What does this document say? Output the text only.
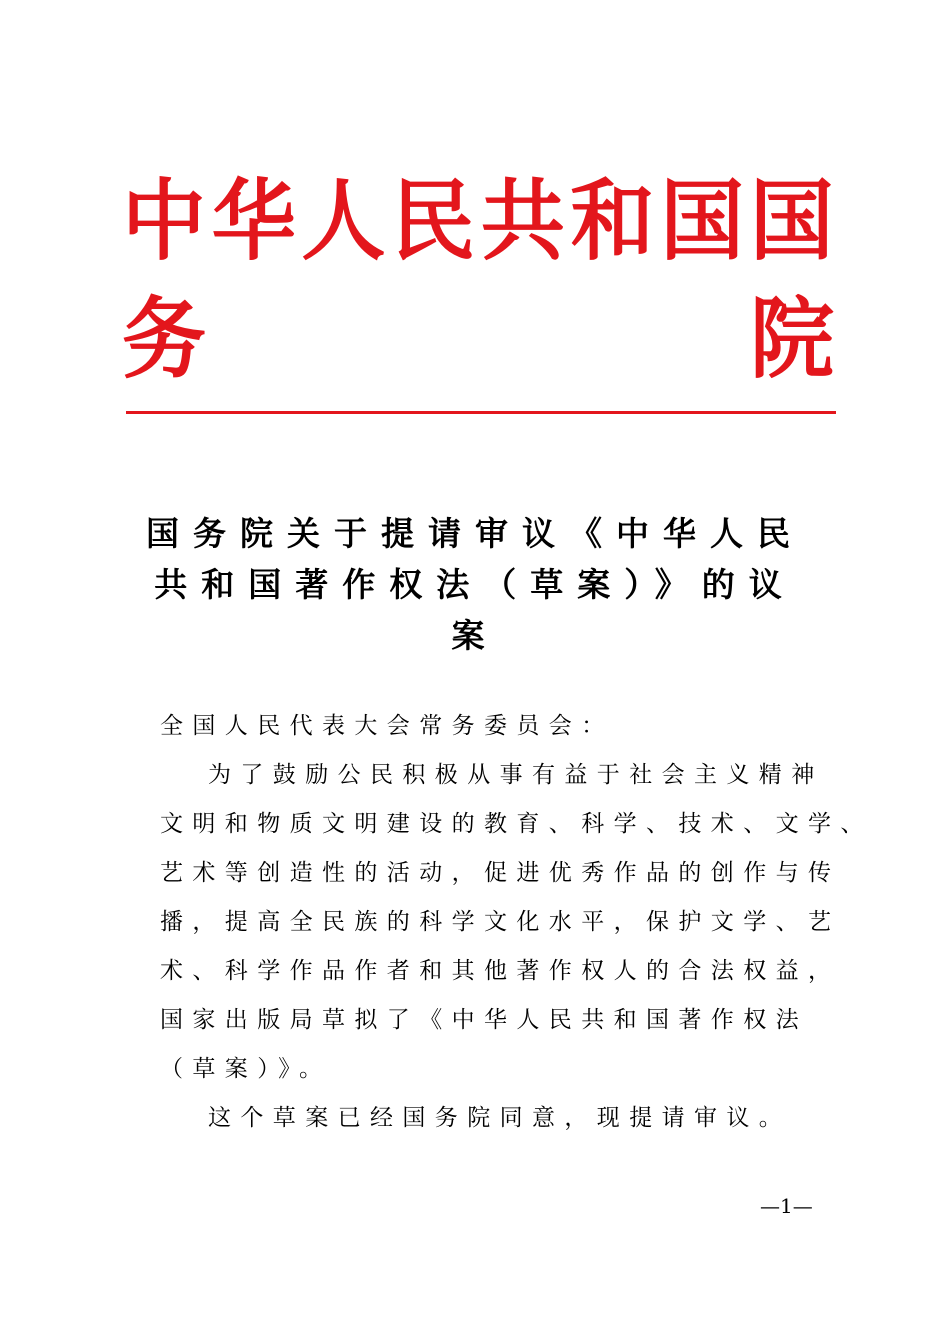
中 华 人 民 共 和 国 国
务	院
国务院关于提请审议《中华人民
共和国著作权法（草案）》的议
案
全国人民代表大会常务委员会：
为了鼓励公民积极从事有益于社会主义精神
文明和物质文明建设的教育、科学、技术、文学、
艺术等创造性的活动，促进优秀作品的创作与传
播，提高全民族的科学文化水平，保护文学、艺
术、科学作品作者和其他著作权人的合法权益，
国家出版局草拟了《中华人民共和国著作权法
（草案）》。
这个草案已经国务院同意，现提请审议。
—1—
